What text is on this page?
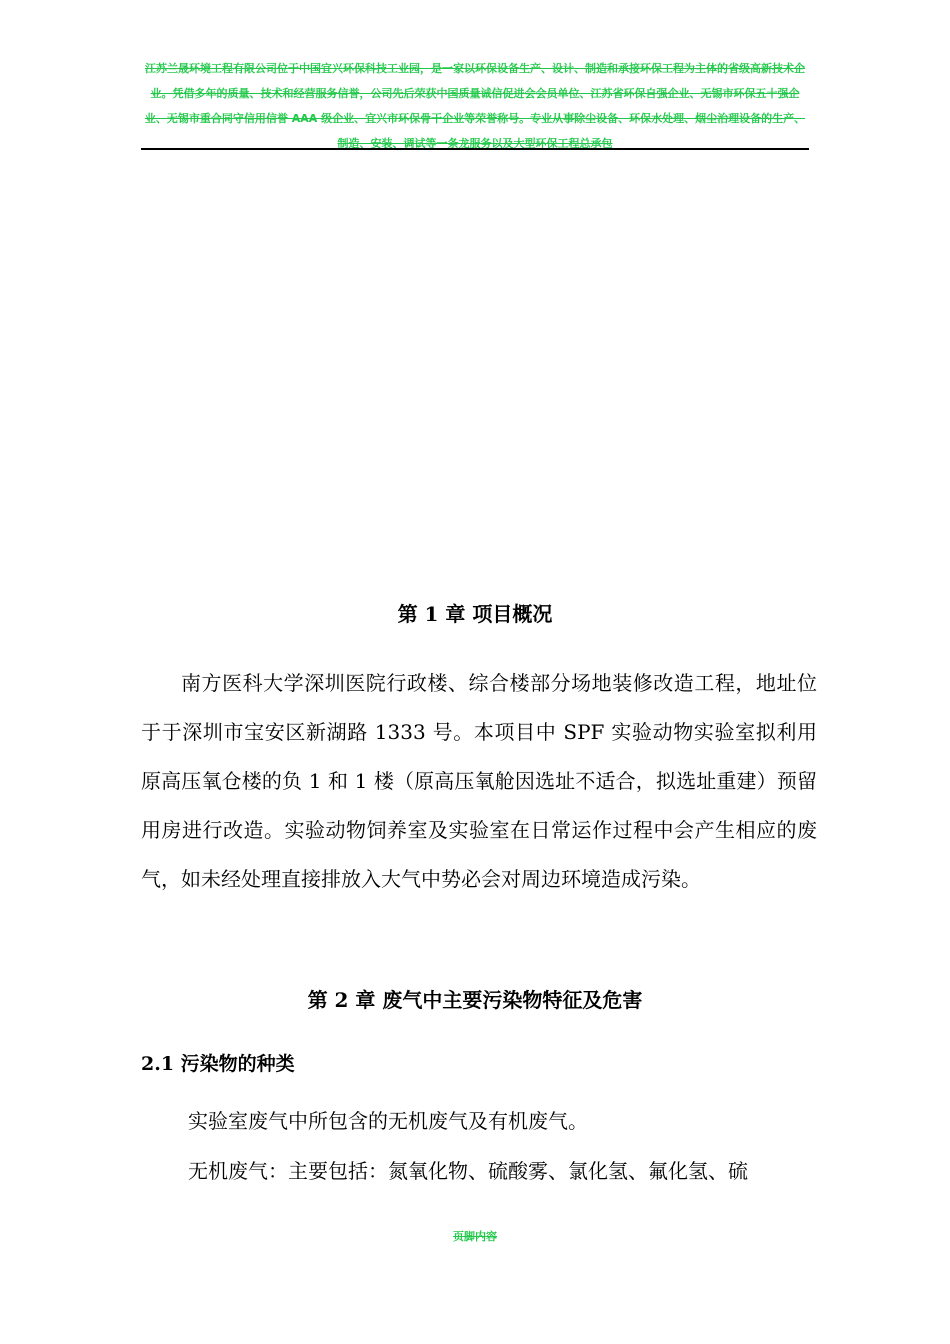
江苏兰晟环境工程有限公司位于中国宜兴环保科技工业园，是一家以环保设备生产、设计、制造和承接环保工程为主体的省级高新技术企业。凭借多年的质量、技术和经营服务信誉，公司先后荣获中国质量诚信促进会会员单位、江苏省环保自强企业、无锡市环保五十强企业、无锡市重合同守信用信誉 AAA 级企业、宜兴市环保骨干企业等荣誉称号。专业从事除尘设备、环保水处理、烟尘治理设备的生产、制造、安装、调试等一条龙服务以及大型环保工程总承包
第 1 章 项目概况
南方医科大学深圳医院行政楼、综合楼部分场地装修改造工程，地址位于于深圳市宝安区新湖路 1333 号。本项目中 SPF 实验动物实验室拟利用原高压氧仓楼的负 1 和 1 楼（原高压氧舱因选址不适合，拟选址重建）预留用房进行改造。实验动物饲养室及实验室在日常运作过程中会产生相应的废气，如未经处理直接排放入大气中势必会对周边环境造成污染。
第 2 章 废气中主要污染物特征及危害
2.1 污染物的种类
实验室废气中所包含的无机废气及有机废气。
无机废气：主要包括：氮氧化物、硫酸雾、氯化氢、氟化氢、硫
页脚内容
